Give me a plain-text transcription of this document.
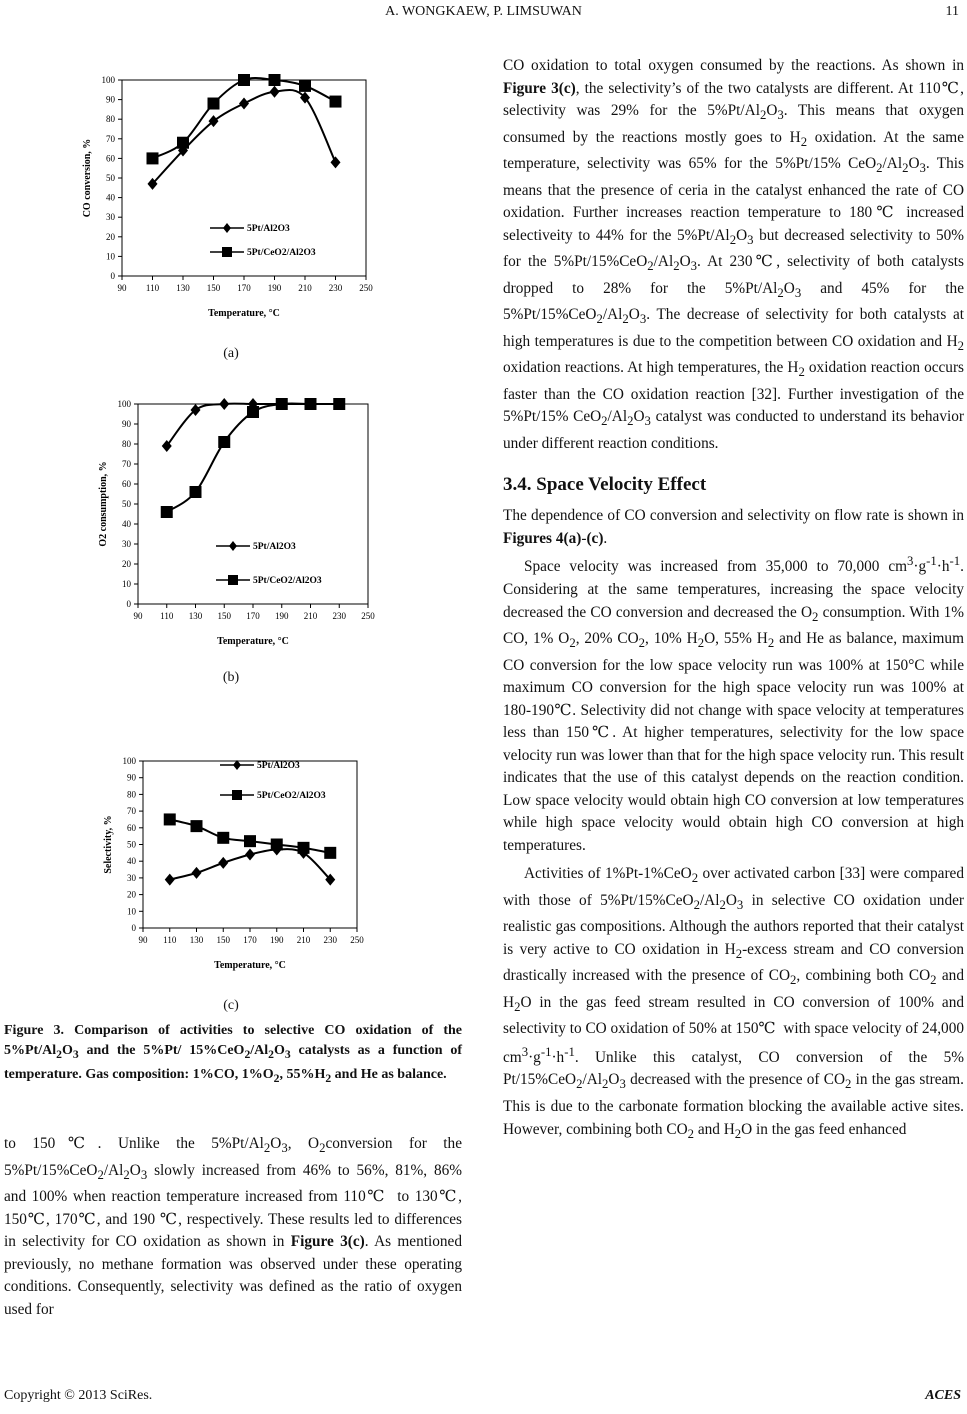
A. WONGKAEW, P. LIMSUWAN	11
0
10
20
30
40
50
60
70
80
90
100
90 110 130 150 170 190 210 230 250
Temperature, °C
CO conversion, %
5Pt/Al2O3
5Pt/CeO2/Al2O3
(a)
0
10
20
30
40
50
60
70
80
90
100
90 110 130 150 170 190 210 230 250
Temperature, °C
O2 consumption, %
5Pt/Al2O3
5Pt/CeO2/Al2O3
(b)
0
10
20
30
40
50
60
70
80
90
100
90 110 130 150 170 190 210 230 250
Temperature, °C
Selectivity, %
5Pt/Al2O3
5Pt/CeO2/Al2O3
(c)
Figure 3. Comparison of activities to selective CO oxidation of the $5\%Pt/Al_2O_3$ and the 5%Pt/ $15\%CeO_2/Al_2O_3$ catalysts as a function of temperature. Gas composition: 1%CO, $1\%O_2$, $55\%H_2$ and He as balance.

to 150℃. Unlike the $5\%Pt/Al_2O_3$, $O_2conversion$ for the $5\%Pt/15\%CeO_2/Al_2O_3$ slowly increased from 46% to 56%, 81%, 86% and 100% when reaction temperature increased from 110℃  to 130℃, 150℃, 170℃, and 190 ℃, respectively. These results led to differences in selectivity for CO oxidation as shown in Figure 3(c). As mentioned previously, no methane formation was observed under these operating conditions. Consequently, selectivity was defined as the ratio of oxygen used for

CO oxidation to total oxygen consumed by the reactions. As shown in Figure 3(c), the selectivity’s of the two catalysts are different. At 110℃, selectivity was 29% for the $5\%Pt/Al_2O_3$. This means that oxygen consumed by the reactions mostly goes to $H_2$ oxidation. At the same temperature, selectivity was 65% for the 5%Pt/15% $CeO_2/Al_2O_3$. This means that the presence of ceria in the catalyst enhanced the rate of CO oxidation. Further increases reaction temperature to 180℃ increased selectiveity to 44% for the $5\%Pt/Al_2O_3$ but decreased selectivity to 50% for the $5\%Pt/15\%CeO_2/Al_2O_3$. At 230℃, selectivity of both catalysts dropped to 28% for the $5\%Pt/Al_2O_3$ and 45% for the $5\%Pt/15\%CeO_2/Al_2O_3$. The decrease of selectivity for both catalysts at high temperatures is due to the competition between CO oxidation and $H_2$ oxidation reactions. At high temperatures, the $H_2$ oxidation reaction occurs faster than the CO oxidation reaction [32]. Further investigation of the 5%Pt/15% $CeO_2/Al_2O_3$ catalyst was conducted to understand its behavior under different reaction conditions.

3.4. Space Velocity Effect

The dependence of CO conversion and selectivity on flow rate is shown in Figures 4(a)-(c).

Space velocity was increased from 35,000 to 70,000 $cm^3\cdot g^{-1}\cdot h^{-1}$. Considering at the same temperatures, increasing the space velocity decreased the CO conversion and decreased the $O_2$ consumption. With 1% CO, 1% $O_2$, 20% $CO_2$, 10% $H_2O$, 55% $H_2$ and He as balance, maximum CO conversion for the low space velocity run was 100% at 150°C while maximum CO conversion for the high space velocity run was 100% at 180-190℃. Selectivity did not change with space velocity at temperatures less than 150℃. At higher temperatures, selectivity for the low space velocity run was lower than that for the high space velocity run. This result indicates that the use of this catalyst depends on the reaction condition. Low space velocity would obtain high CO conversion at low temperatures while high space velocity would obtain high CO conversion at high temperatures.

Activities of 1%Pt-1%CeO$_2$ over activated carbon [33] were compared with those of $5\%Pt/15\%CeO_2/Al_2O_3$ in selective CO oxidation under realistic gas compositions. Although the authors reported that their catalyst is very active to CO oxidation in $H_2$-excess stream and CO conversion drastically increased with the presence of $CO_2$, combining both $CO_2$ and $H_2O$ in the gas feed stream resulted in CO conversion of 100% and selectivity to CO oxidation of 50% at 150℃  with space velocity of 24,000 $cm^3\cdot g^{-1}\cdot h^{-1}$. Unlike this catalyst, CO conversion of the 5% $Pt/15\%CeO_2/Al_2O_3$ decreased with the presence of $CO_2$ in the gas stream. This is due to the carbonate formation blocking the available active sites. However, combining both $CO_2$ and $H_2O$ in the gas feed enhanced

Copyright © 2013 SciRes.	ACES
